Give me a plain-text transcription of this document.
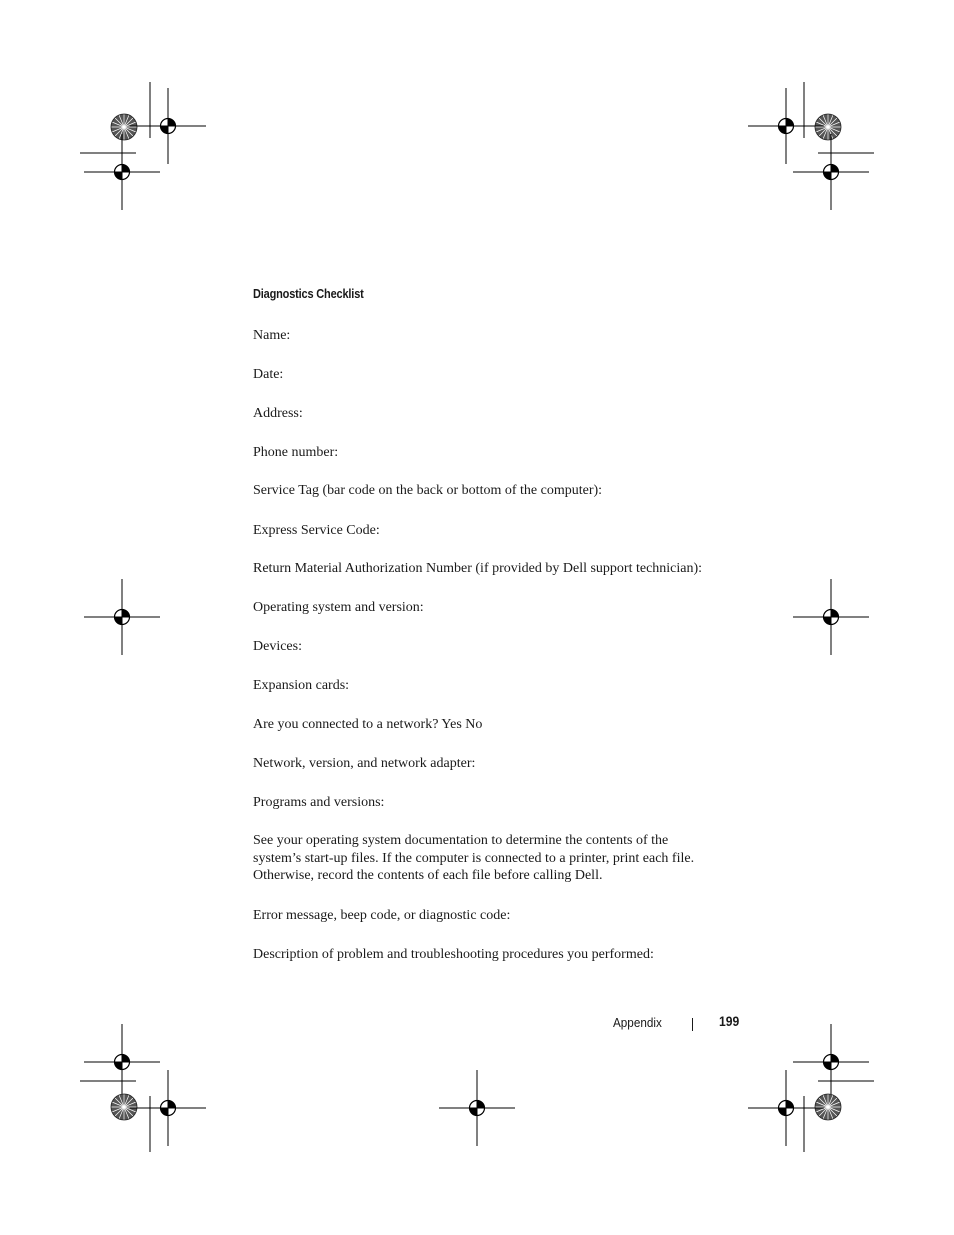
Diagnostics Checklist
Name:
Date:
Address:
Phone number:
Service Tag (bar code on the back or bottom of the computer):
Express Service Code:
Return Material Authorization Number (if provided by Dell support technician):
Operating system and version:
Devices:
Expansion cards:
Are you connected to a network? Yes No
Network, version, and network adapter:
Programs and versions:
See your operating system documentation to determine the contents of the
system’s start-up files. If the computer is connected to a printer, print each file.
Otherwise, record the contents of each file before calling Dell.
Error message, beep code, or diagnostic code:
Description of problem and troubleshooting procedures you performed:
Appendix	199
